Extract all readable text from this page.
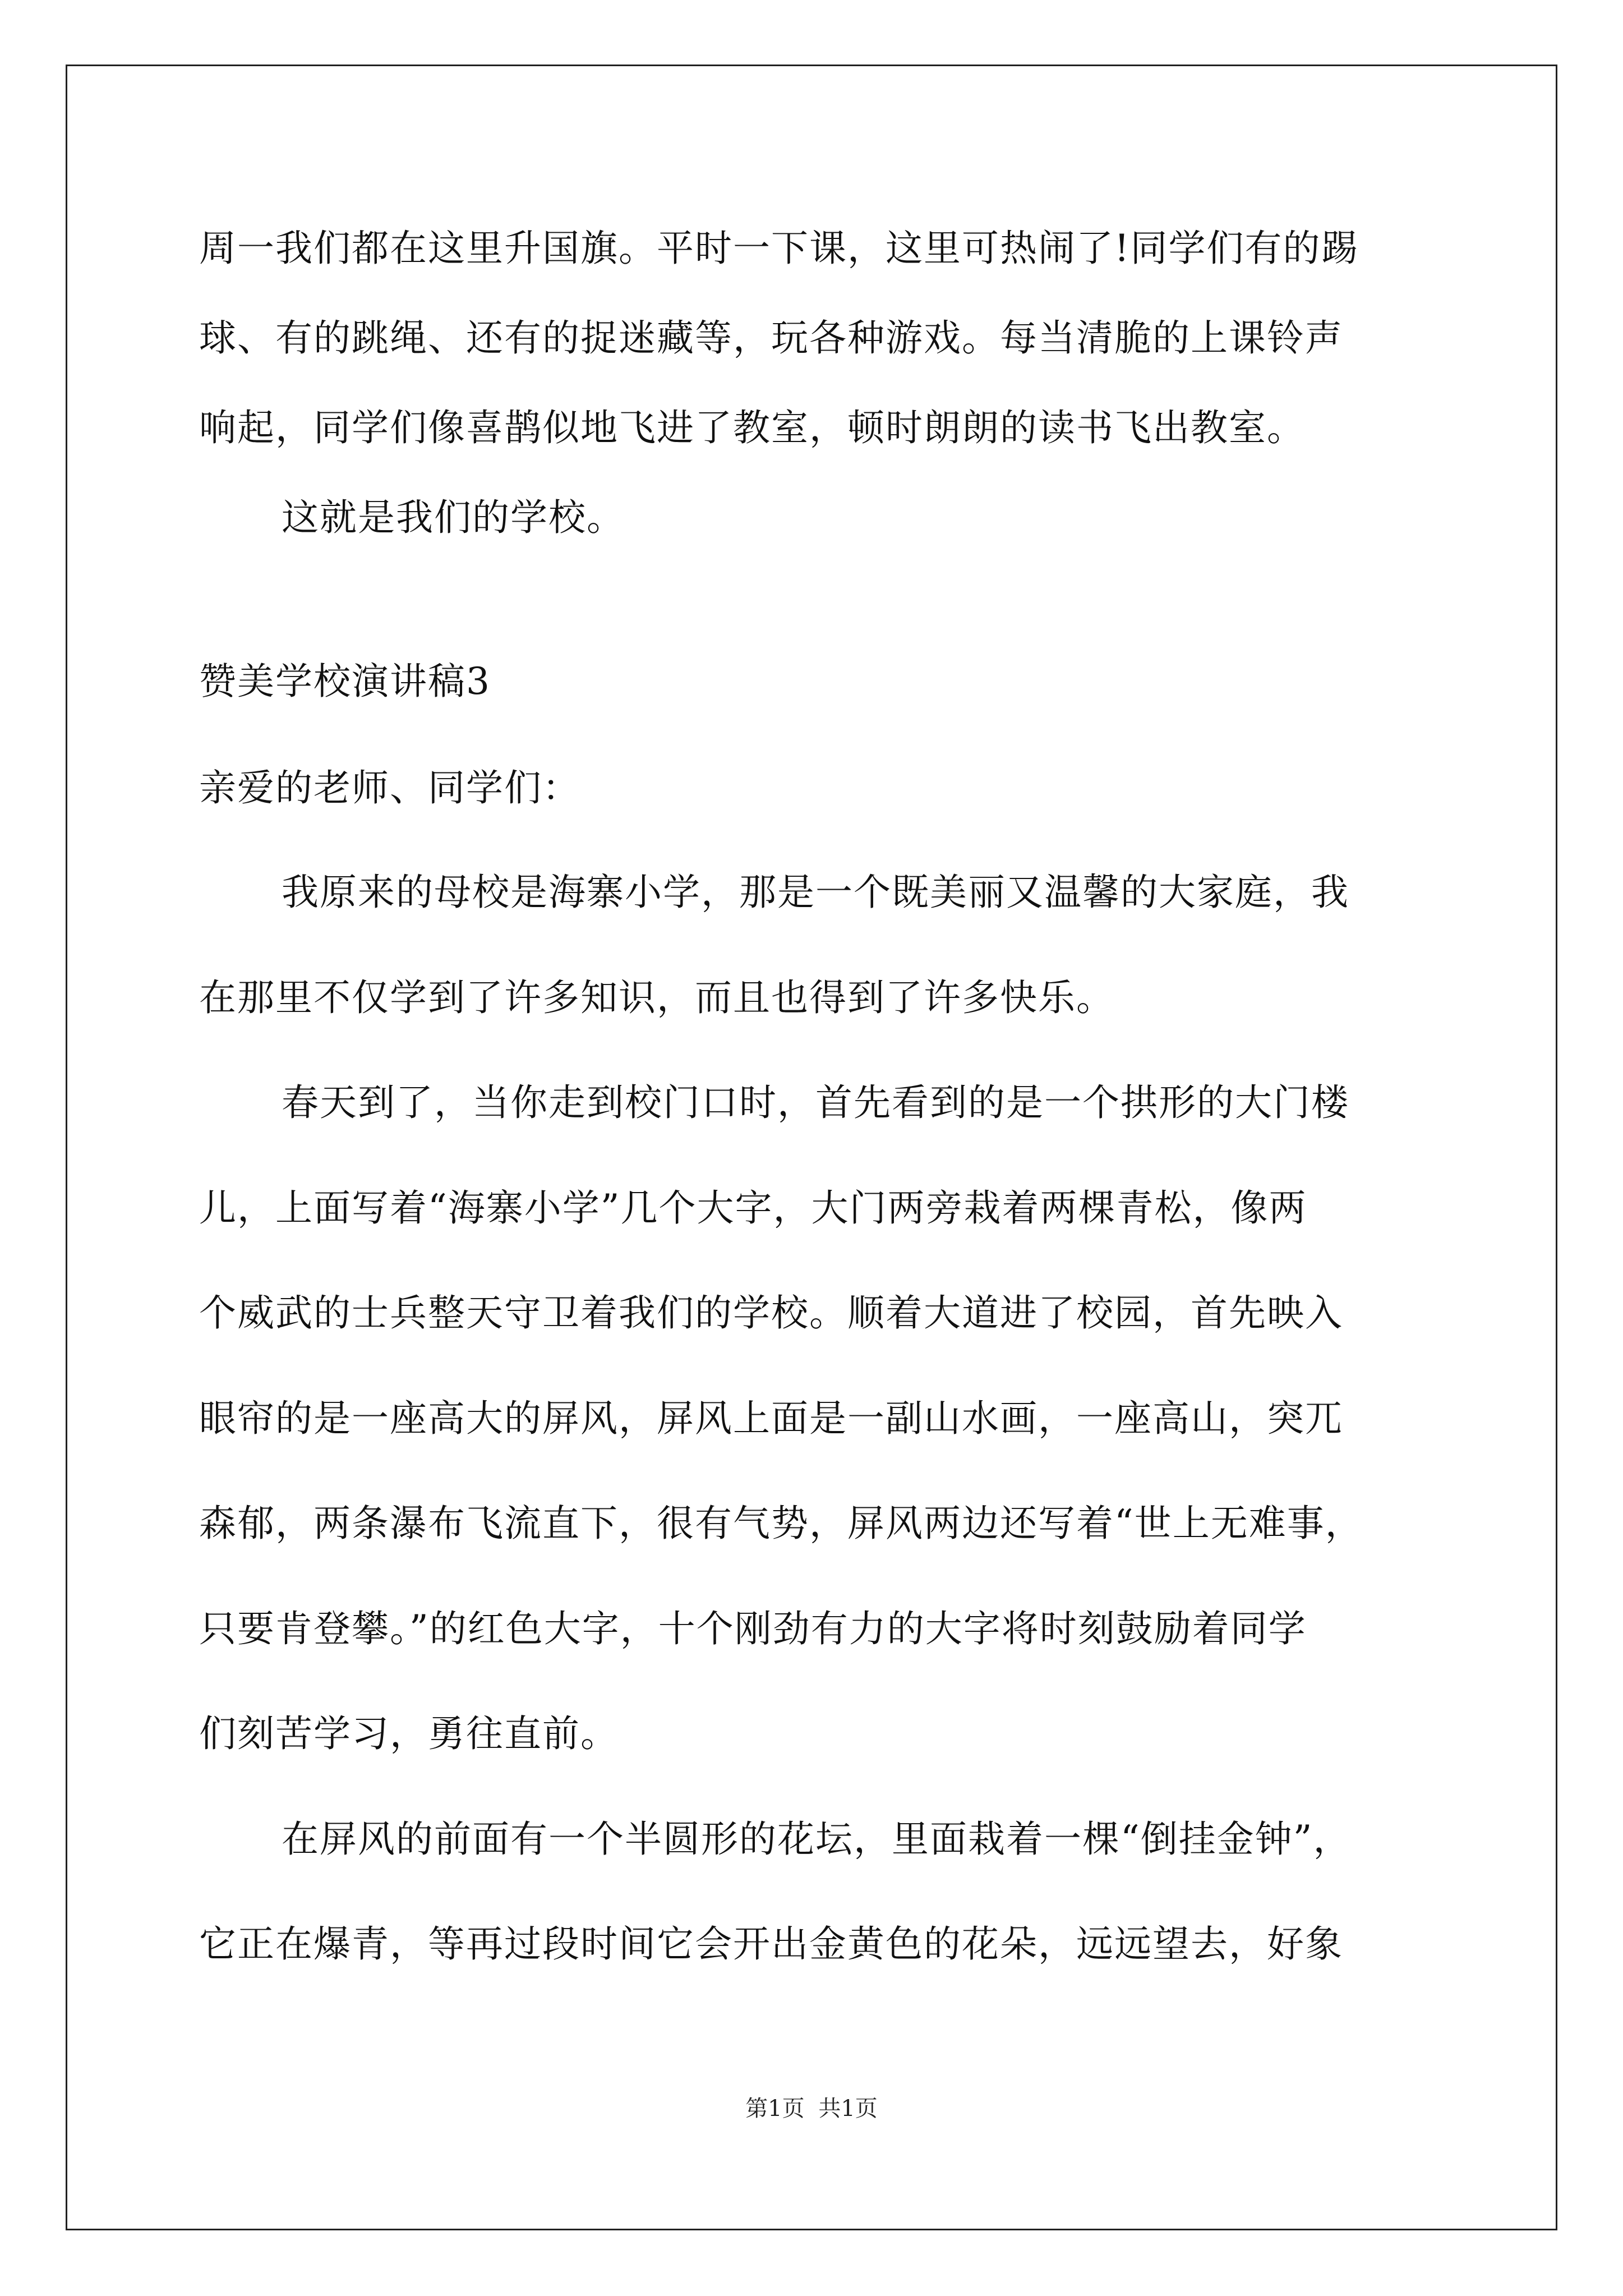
周一我们都在这里升国旗。平时一下课，这里可热闹了!同学们有的踢
球、有的跳绳、还有的捉迷藏等，玩各种游戏。每当清脆的上课铃声
响起，同学们像喜鹊似地飞进了教室，顿时朗朗的读书飞出教室。
这就是我们的学校。
赞美学校演讲稿3
亲爱的老师、同学们：
我原来的母校是海寨小学，那是一个既美丽又温馨的大家庭，我
在那里不仅学到了许多知识，而且也得到了许多快乐。
春天到了，当你走到校门口时，首先看到的是一个拱形的大门楼
儿，上面写着“海寨小学”几个大字，大门两旁栽着两棵青松，像两
个威武的士兵整天守卫着我们的学校。顺着大道进了校园，首先映入
眼帘的是一座高大的屏风，屏风上面是一副山水画，一座高山，突兀
森郁，两条瀑布飞流直下，很有气势，屏风两边还写着“世上无难事，
只要肯登攀。”的红色大字，十个刚劲有力的大字将时刻鼓励着同学
们刻苦学习，勇往直前。
在屏风的前面有一个半圆形的花坛，里面栽着一棵“倒挂金钟”，
它正在爆青，等再过段时间它会开出金黄色的花朵，远远望去，好象
第1页 共1页
